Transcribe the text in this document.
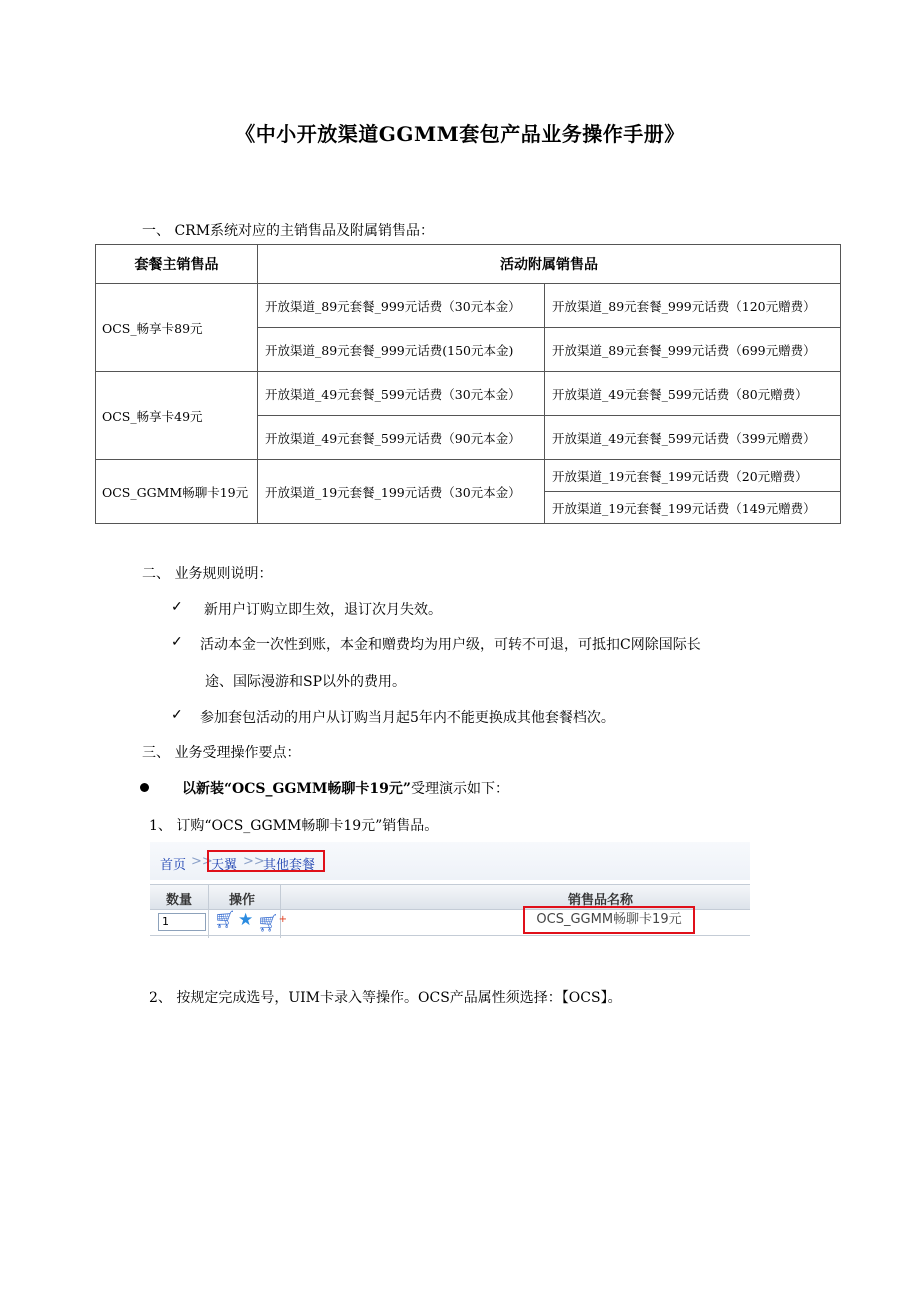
《中小开放渠道GGMM套包产品业务操作手册》
一、 CRM系统对应的主销售品及附属销售品：
套餐主销售品	活动附属销售品	
OCS_畅享卡89元	开放渠道_89元套餐_999元话费（30元本金）	开放渠道_89元套餐_999元话费（120元赠费）
	开放渠道_89元套餐_999元话费(150元本金)	开放渠道_89元套餐_999元话费（699元赠费）
OCS_畅享卡49元	开放渠道_49元套餐_599元话费（30元本金）	开放渠道_49元套餐_599元话费（80元赠费）
	开放渠道_49元套餐_599元话费（90元本金）	开放渠道_49元套餐_599元话费（399元赠费）
OCS_GGMM畅聊卡19元	开放渠道_19元套餐_199元话费（30元本金）	开放渠道_19元套餐_199元话费（20元赠费）
		开放渠道_19元套餐_199元话费（149元赠费）
二、 业务规则说明：
✓ 新用户订购立即生效，退订次月失效。
✓ 活动本金一次性到账，本金和赠费均为用户级，可转不可退，可抵扣C网除国际长
途、国际漫游和SP以外的费用。
✓ 参加套包活动的用户从订购当月起5年内不能更换成其他套餐档次。
三、 业务受理操作要点：
以新装“OCS_GGMM畅聊卡19元”受理演示如下：
1、 订购“OCS_GGMM畅聊卡19元”销售品。
首页 >>
天翼 >>
其他套餐
数量	操作	销售品名称
1	🛒︎ ★ 🛒︎+	OCS_GGMM畅聊卡19元
2、 按规定完成选号，UIM卡录入等操作。OCS产品属性须选择：【OCS】。
